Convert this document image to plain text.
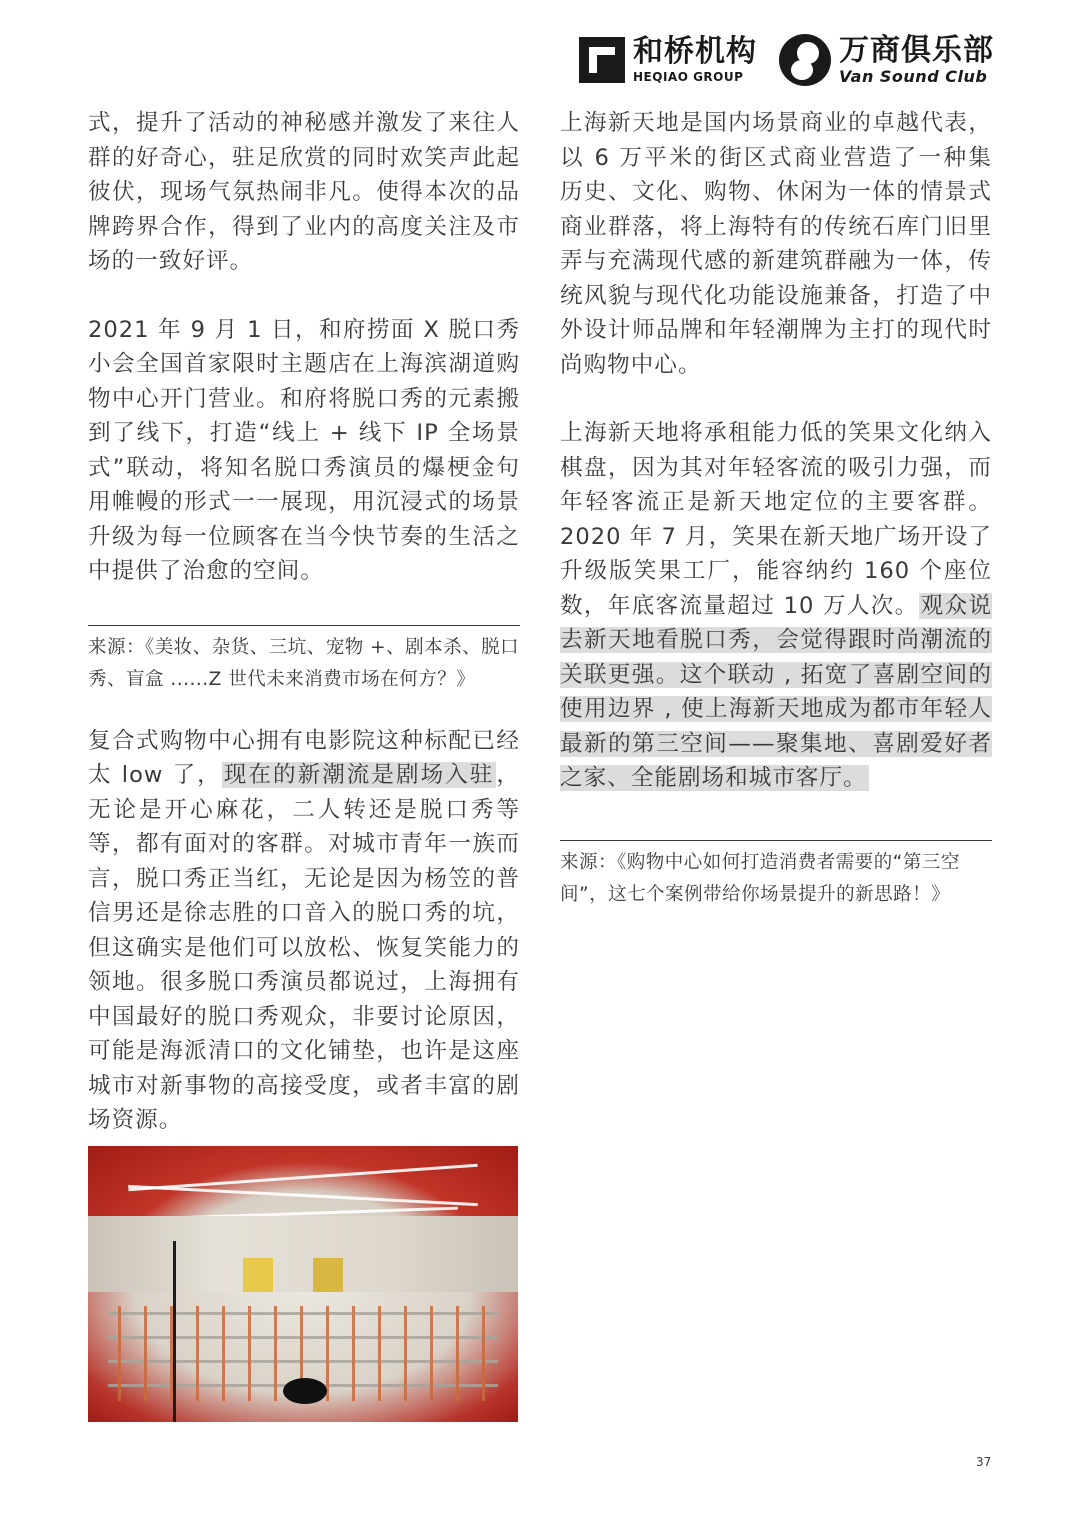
和桥机构
HEQIAO GROUP
万商俱乐部
Van Sound Club

式，提升了活动的神秘感并激发了来往人群的好奇心，驻足欣赏的同时欢笑声此起彼伏，现场气氛热闹非凡。使得本次的品牌跨界合作，得到了业内的高度关注及市场的一致好评。

2021 年 9 月 1 日，和府捞面 X 脱口秀小会全国首家限时主题店在上海滨湖道购物中心开门营业。和府将脱口秀的元素搬到了线下，打造“线上 + 线下 IP 全场景式”联动，将知名脱口秀演员的爆梗金句用帷幔的形式一一展现，用沉浸式的场景升级为每一位顾客在当今快节奏的生活之中提供了治愈的空间。

来源：《美妆、杂货、三坑、宠物 +、剧本杀、脱口秀、盲盒 ......Z 世代未来消费市场在何方？》

复合式购物中心拥有电影院这种标配已经太 low 了，现在的新潮流是剧场入驻，无论是开心麻花，二人转还是脱口秀等等，都有面对的客群。对城市青年一族而言，脱口秀正当红，无论是因为杨笠的普信男还是徐志胜的口音入的脱口秀的坑，但这确实是他们可以放松、恢复笑能力的领地。很多脱口秀演员都说过，上海拥有中国最好的脱口秀观众，非要讨论原因，可能是海派清口的文化铺垫，也许是这座城市对新事物的高接受度，或者丰富的剧场资源。

上海新天地是国内场景商业的卓越代表，以 6 万平米的街区式商业营造了一种集历史、文化、购物、休闲为一体的情景式商业群落，将上海特有的传统石库门旧里弄与充满现代感的新建筑群融为一体，传统风貌与现代化功能设施兼备，打造了中外设计师品牌和年轻潮牌为主打的现代时尚购物中心。

上海新天地将承租能力低的笑果文化纳入棋盘，因为其对年轻客流的吸引力强，而年轻客流正是新天地定位的主要客群。2020 年 7 月，笑果在新天地广场开设了升级版笑果工厂，能容纳约 160 个座位数，年底客流量超过 10 万人次。观众说去新天地看脱口秀，会觉得跟时尚潮流的关联更强。这个联动 , 拓宽了喜剧空间的使用边界 , 使上海新天地成为都市年轻人最新的第三空间——聚集地、喜剧爱好者之家、全能剧场和城市客厅。

来源：《购物中心如何打造消费者需要的“第三空间”，这七个案例带给你场景提升的新思路！》

37
